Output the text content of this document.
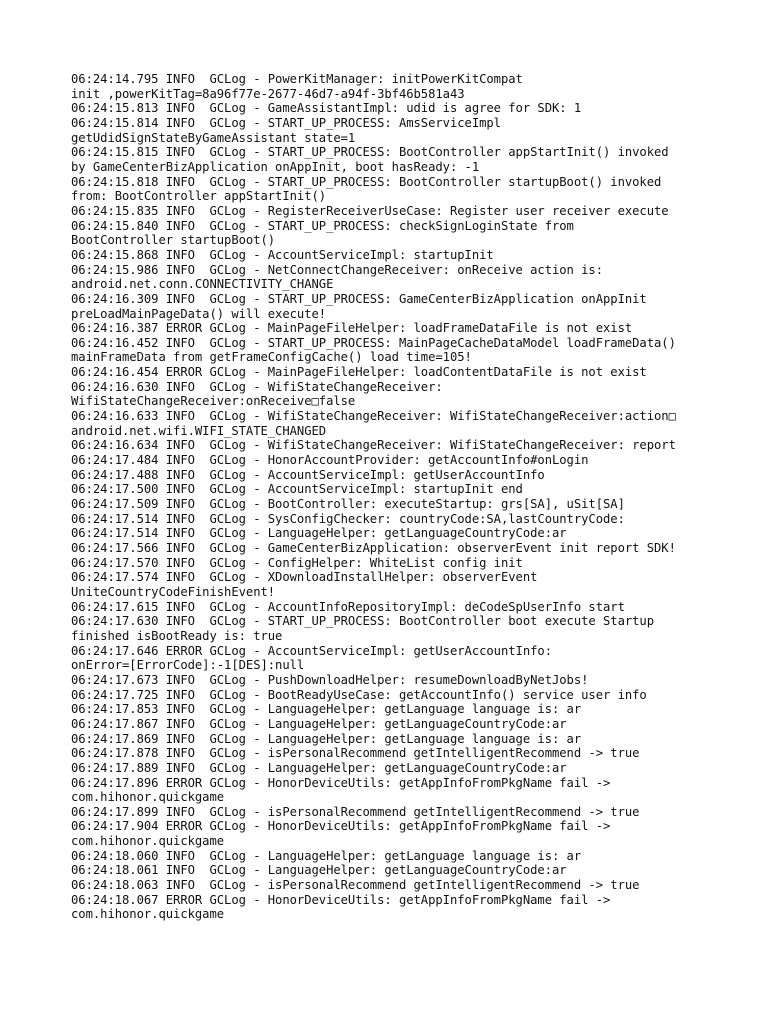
06:24:14.795 INFO  GCLog - PowerKitManager: initPowerKitCompat

init ,powerKitTag=8a96f77e-2677-46d7-a94f-3bf46b581a43

06:24:15.813 INFO  GCLog - GameAssistantImpl: udid is agree for SDK: 1

06:24:15.814 INFO  GCLog - START_UP_PROCESS: AmsServiceImpl

getUdidSignStateByGameAssistant state=1

06:24:15.815 INFO  GCLog - START_UP_PROCESS: BootController appStartInit() invoked

by GameCenterBizApplication onAppInit, boot hasReady: -1

06:24:15.818 INFO  GCLog - START_UP_PROCESS: BootController startupBoot() invoked

from: BootController appStartInit()

06:24:15.835 INFO  GCLog - RegisterReceiverUseCase: Register user receiver execute

06:24:15.840 INFO  GCLog - START_UP_PROCESS: checkSignLoginState from

BootController startupBoot()

06:24:15.868 INFO  GCLog - AccountServiceImpl: startupInit

06:24:15.986 INFO  GCLog - NetConnectChangeReceiver: onReceive action is:

android.net.conn.CONNECTIVITY_CHANGE

06:24:16.309 INFO  GCLog - START_UP_PROCESS: GameCenterBizApplication onAppInit

preLoadMainPageData() will execute!

06:24:16.387 ERROR GCLog - MainPageFileHelper: loadFrameDataFile is not exist

06:24:16.452 INFO  GCLog - START_UP_PROCESS: MainPageCacheDataModel loadFrameData()

mainFrameData from getFrameConfigCache() load time=105!

06:24:16.454 ERROR GCLog - MainPageFileHelper: loadContentDataFile is not exist

06:24:16.630 INFO  GCLog - WifiStateChangeReceiver:

WifiStateChangeReceiver:onReceive□false

06:24:16.633 INFO  GCLog - WifiStateChangeReceiver: WifiStateChangeReceiver:action□

android.net.wifi.WIFI_STATE_CHANGED

06:24:16.634 INFO  GCLog - WifiStateChangeReceiver: WifiStateChangeReceiver: report

06:24:17.484 INFO  GCLog - HonorAccountProvider: getAccountInfo#onLogin

06:24:17.488 INFO  GCLog - AccountServiceImpl: getUserAccountInfo

06:24:17.500 INFO  GCLog - AccountServiceImpl: startupInit end

06:24:17.509 INFO  GCLog - BootController: executeStartup: grs[SA], uSit[SA]

06:24:17.514 INFO  GCLog - SysConfigChecker: countryCode:SA,lastCountryCode:

06:24:17.514 INFO  GCLog - LanguageHelper: getLanguageCountryCode:ar

06:24:17.566 INFO  GCLog - GameCenterBizApplication: observerEvent init report SDK!

06:24:17.570 INFO  GCLog - ConfigHelper: WhiteList config init

06:24:17.574 INFO  GCLog - XDownloadInstallHelper: observerEvent

UniteCountryCodeFinishEvent!

06:24:17.615 INFO  GCLog - AccountInfoRepositoryImpl: deCodeSpUserInfo start

06:24:17.630 INFO  GCLog - START_UP_PROCESS: BootController boot execute Startup

finished isBootReady is: true

06:24:17.646 ERROR GCLog - AccountServiceImpl: getUserAccountInfo:

onError=[ErrorCode]:-1[DES]:null

06:24:17.673 INFO  GCLog - PushDownloadHelper: resumeDownloadByNetJobs!

06:24:17.725 INFO  GCLog - BootReadyUseCase: getAccountInfo() service user info

06:24:17.853 INFO  GCLog - LanguageHelper: getLanguage language is: ar

06:24:17.867 INFO  GCLog - LanguageHelper: getLanguageCountryCode:ar

06:24:17.869 INFO  GCLog - LanguageHelper: getLanguage language is: ar

06:24:17.878 INFO  GCLog - isPersonalRecommend getIntelligentRecommend -> true

06:24:17.889 INFO  GCLog - LanguageHelper: getLanguageCountryCode:ar

06:24:17.896 ERROR GCLog - HonorDeviceUtils: getAppInfoFromPkgName fail ->

com.hihonor.quickgame

06:24:17.899 INFO  GCLog - isPersonalRecommend getIntelligentRecommend -> true

06:24:17.904 ERROR GCLog - HonorDeviceUtils: getAppInfoFromPkgName fail ->

com.hihonor.quickgame

06:24:18.060 INFO  GCLog - LanguageHelper: getLanguage language is: ar

06:24:18.061 INFO  GCLog - LanguageHelper: getLanguageCountryCode:ar

06:24:18.063 INFO  GCLog - isPersonalRecommend getIntelligentRecommend -> true

06:24:18.067 ERROR GCLog - HonorDeviceUtils: getAppInfoFromPkgName fail ->

com.hihonor.quickgame
